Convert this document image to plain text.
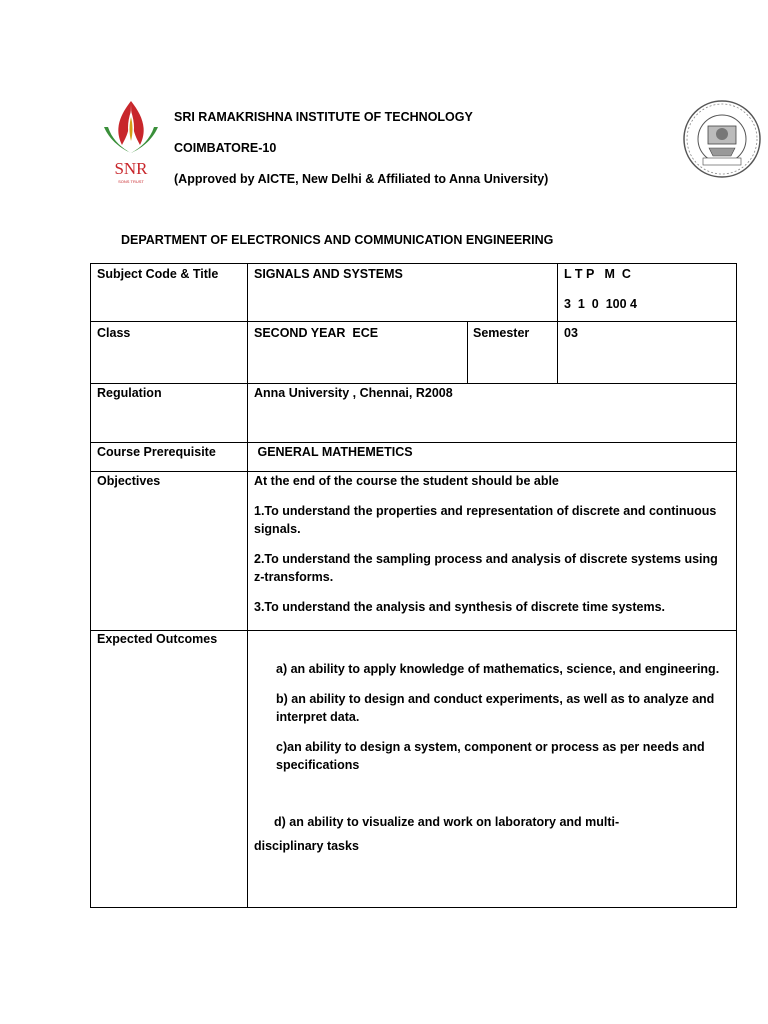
SNR
SONS TRUST
SRI RAMAKRISHNA INSTITUTE OF TECHNOLOGY
COIMBATORE-10
(Approved by AICTE, New Delhi & Affiliated to Anna University)
DEPARTMENT OF ELECTRONICS AND COMMUNICATION ENGINEERING
Subject Code & Title	SIGNALS AND SYSTEMS	L T P   M  C
3  1  0  100 4
Class	SECOND YEAR  ECE	Semester	03
Regulation	Anna University , Chennai, R2008
Course Prerequisite	GENERAL MATHEMETICS
Objectives	At the end of the course the student should be able

1.To understand the properties and representation of discrete and continuous signals.

2.To understand the sampling process and analysis of discrete systems using z-transforms.

3.To understand the analysis and synthesis of discrete time systems.

Expected Outcomes

a) an ability to apply knowledge of mathematics, science, and engineering.

b) an ability to design and conduct experiments, as well as to analyze and interpret data.

c)an ability to design a system, component or process as per needs and specifications

d) an ability to visualize and work on laboratory and multi-
disciplinary tasks
